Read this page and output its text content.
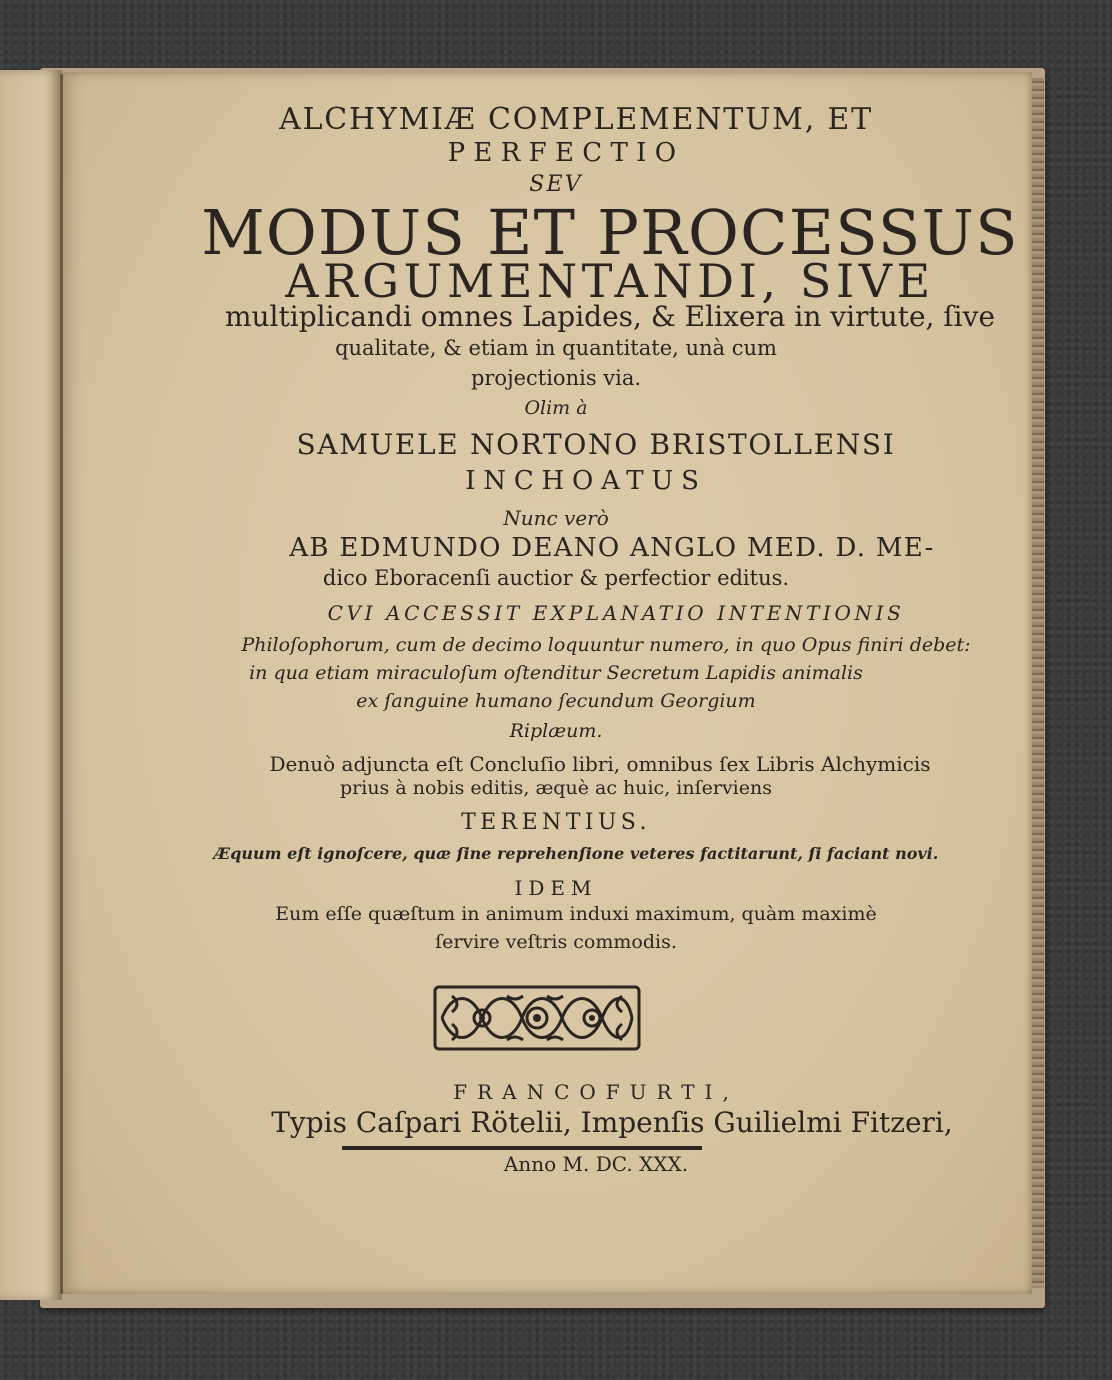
ALCHYMIÆ COMPLEMENTUM, ET
PERFECTIO
SEV
MODUS ET PROCESSUS
ARGUMENTANDI, SIVE
multiplicandi omnes Lapides, & Elixera in virtute, ſive
qualitate, & etiam in quantitate, unà cum
projectionis via.
Olim à
SAMUELE NORTONO BRISTOLLENSI
INCHOATUS
Nunc verò
AB EDMUNDO DEANO ANGLO MED. D. ME-
dico Eboracenſi auctior & perfectior editus.
CVI ACCESSIT EXPLANATIO INTENTIONIS
Philoſophorum, cum de decimo loquuntur numero, in quo Opus finiri debet:
in qua etiam miraculoſum oſtenditur Secretum Lapidis animalis
ex ſanguine humano ſecundum Georgium
Riplæum.
Denuò adjuncta eſt Concluſio libri, omnibus ſex Libris Alchymicis
prius à nobis editis, æquè ac huic, inſerviens
TERENTIUS.
Æquum eſt ignoſcere, quæ ſine reprehenſione veteres factitarunt, ſi faciant novi.
IDEM
Eum eſſe quæſtum in animum induxi maximum, quàm maximè
ſervire veſtris commodis.
FRANCOFURTI,
Typis Caſpari Rötelii, Impenſis Guilielmi Fitzeri,
Anno M. DC. XXX.
